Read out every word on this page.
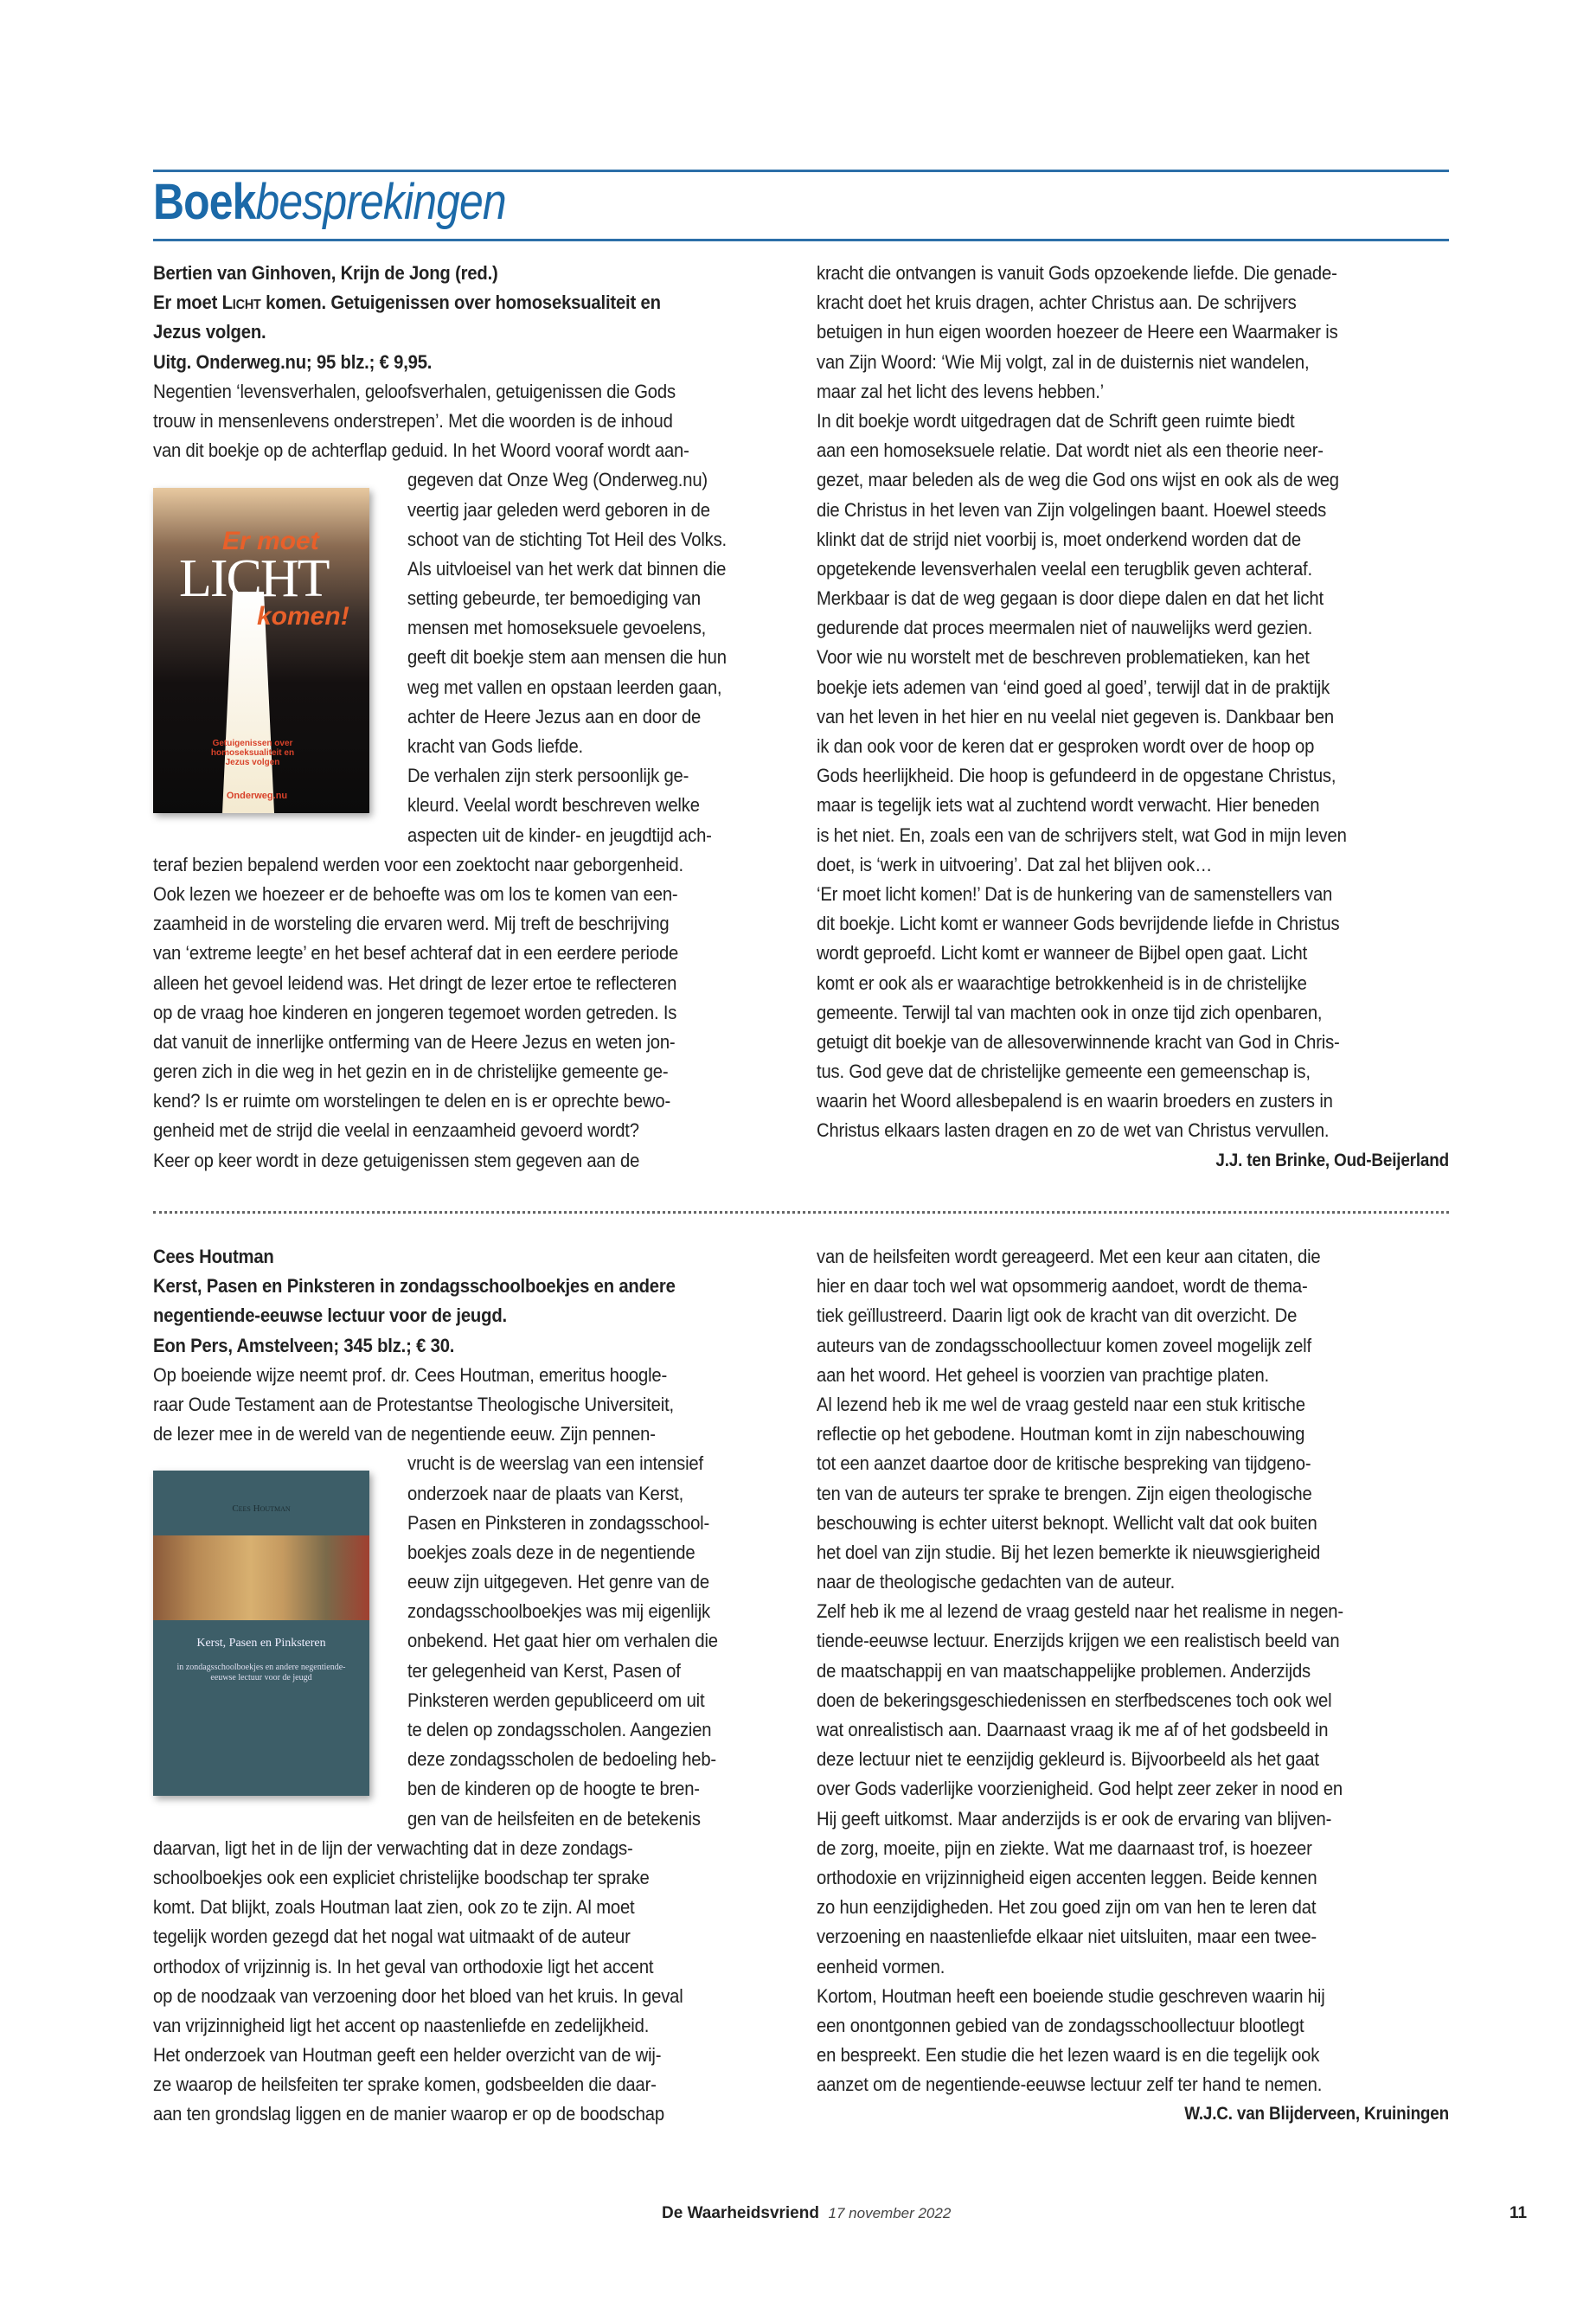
Boekbesprekingen
Bertien van Ginhoven, Krijn de Jong (red.)
Er moet Licht komen. Getuigenissen over homoseksualiteit en
Jezus volgen.
Uitg. Onderweg.nu; 95 blz.; € 9,95.
Negentien ‘levensverhalen, geloofsverhalen, getuigenissen die Gods
trouw in mensenlevens onderstrepen’. Met die woorden is de inhoud
van dit boekje op de achterflap geduid. In het Woord vooraf wordt aan-
gegeven dat Onze Weg (Onderweg.nu)
veertig jaar geleden werd geboren in de
schoot van de stichting Tot Heil des Volks.
Als uitvloeisel van het werk dat binnen die
setting gebeurde, ter bemoediging van
mensen met homoseksuele gevoelens,
geeft dit boekje stem aan mensen die hun
weg met vallen en opstaan leerden gaan,
achter de Heere Jezus aan en door de
kracht van Gods liefde.
De verhalen zijn sterk persoonlijk ge-
kleurd. Veelal wordt beschreven welke
aspecten uit de kinder- en jeugdtijd ach-
teraf bezien bepalend werden voor een zoektocht naar geborgenheid.
Ook lezen we hoezeer er de behoefte was om los te komen van een-
zaamheid in de worsteling die ervaren werd. Mij treft de beschrijving
van ‘extreme leegte’ en het besef achteraf dat in een eerdere periode
alleen het gevoel leidend was. Het dringt de lezer ertoe te reflecteren
op de vraag hoe kinderen en jongeren tegemoet worden getreden. Is
dat vanuit de innerlijke ontferming van de Heere Jezus en weten jon-
geren zich in die weg in het gezin en in de christelijke gemeente ge-
kend? Is er ruimte om worstelingen te delen en is er oprechte bewo-
genheid met de strijd die veelal in eenzaamheid gevoerd wordt?
Keer op keer wordt in deze getuigenissen stem gegeven aan de
Er moet
LICHT
komen!
Getuigenissen over homoseksualiteit en Jezus volgen
Onderweg.nu
kracht die ontvangen is vanuit Gods opzoekende liefde. Die genade-
kracht doet het kruis dragen, achter Christus aan. De schrijvers
betuigen in hun eigen woorden hoezeer de Heere een Waarmaker is
van Zijn Woord: ‘Wie Mij volgt, zal in de duisternis niet wandelen,
maar zal het licht des levens hebben.’
In dit boekje wordt uitgedragen dat de Schrift geen ruimte biedt
aan een homoseksuele relatie. Dat wordt niet als een theorie neer-
gezet, maar beleden als de weg die God ons wijst en ook als de weg
die Christus in het leven van Zijn volgelingen baant. Hoewel steeds
klinkt dat de strijd niet voorbij is, moet onderkend worden dat de
opgetekende levensverhalen veelal een terugblik geven achteraf.
Merkbaar is dat de weg gegaan is door diepe dalen en dat het licht
gedurende dat proces meermalen niet of nauwelijks werd gezien.
Voor wie nu worstelt met de beschreven problematieken, kan het
boekje iets ademen van ‘eind goed al goed’, terwijl dat in de praktijk
van het leven in het hier en nu veelal niet gegeven is. Dankbaar ben
ik dan ook voor de keren dat er gesproken wordt over de hoop op
Gods heerlijkheid. Die hoop is gefundeerd in de opgestane Christus,
maar is tegelijk iets wat al zuchtend wordt verwacht. Hier beneden
is het niet. En, zoals een van de schrijvers stelt, wat God in mijn leven
doet, is ‘werk in uitvoering’. Dat zal het blijven ook…
‘Er moet licht komen!’ Dat is de hunkering van de samenstellers van
dit boekje. Licht komt er wanneer Gods bevrijdende liefde in Christus
wordt geproefd. Licht komt er wanneer de Bijbel open gaat. Licht
komt er ook als er waarachtige betrokkenheid is in de christelijke
gemeente. Terwijl tal van machten ook in onze tijd zich openbaren,
getuigt dit boekje van de allesoverwinnende kracht van God in Chris-
tus. God geve dat de christelijke gemeente een gemeenschap is,
waarin het Woord allesbepalend is en waarin broeders en zusters in
Christus elkaars lasten dragen en zo de wet van Christus vervullen.
J.J. ten Brinke, Oud-Beijerland
Cees Houtman
Kerst, Pasen en Pinksteren in zondagsschoolboekjes en andere
negentiende-eeuwse lectuur voor de jeugd.
Eon Pers, Amstelveen; 345 blz.; € 30.
Op boeiende wijze neemt prof. dr. Cees Houtman, emeritus hoogle-
raar Oude Testament aan de Protestantse Theologische Universiteit,
de lezer mee in de wereld van de negentiende eeuw. Zijn pennen-
vrucht is de weerslag van een intensief
onderzoek naar de plaats van Kerst,
Pasen en Pinksteren in zondagsschool-
boekjes zoals deze in de negentiende
eeuw zijn uitgegeven. Het genre van de
zondagsschoolboekjes was mij eigenlijk
onbekend. Het gaat hier om verhalen die
ter gelegenheid van Kerst, Pasen of
Pinksteren werden gepubliceerd om uit
te delen op zondagsscholen. Aangezien
deze zondagsscholen de bedoeling heb-
ben de kinderen op de hoogte te bren-
gen van de heilsfeiten en de betekenis
daarvan, ligt het in de lijn der verwachting dat in deze zondags-
schoolboekjes ook een expliciet christelijke boodschap ter sprake
komt. Dat blijkt, zoals Houtman laat zien, ook zo te zijn. Al moet
tegelijk worden gezegd dat het nogal wat uitmaakt of de auteur
orthodox of vrijzinnig is. In het geval van orthodoxie ligt het accent
op de noodzaak van verzoening door het bloed van het kruis. In geval
van vrijzinnigheid ligt het accent op naastenliefde en zedelijkheid.
Het onderzoek van Houtman geeft een helder overzicht van de wij-
ze waarop de heilsfeiten ter sprake komen, godsbeelden die daar-
aan ten grondslag liggen en de manier waarop er op de boodschap
Cees Houtman
Kerst, Pasen en Pinksteren
in zondagsschoolboekjes en andere negentiende-eeuwse lectuur voor de jeugd
van de heilsfeiten wordt gereageerd. Met een keur aan citaten, die
hier en daar toch wel wat opsommerig aandoet, wordt de thema-
tiek geïllustreerd. Daarin ligt ook de kracht van dit overzicht. De
auteurs van de zondagsschoollectuur komen zoveel mogelijk zelf
aan het woord. Het geheel is voorzien van prachtige platen.
Al lezend heb ik me wel de vraag gesteld naar een stuk kritische
reflectie op het gebodene. Houtman komt in zijn nabeschouwing
tot een aanzet daartoe door de kritische bespreking van tijdgeno-
ten van de auteurs ter sprake te brengen. Zijn eigen theologische
beschouwing is echter uiterst beknopt. Wellicht valt dat ook buiten
het doel van zijn studie. Bij het lezen bemerkte ik nieuwsgierigheid
naar de theologische gedachten van de auteur.
Zelf heb ik me al lezend de vraag gesteld naar het realisme in negen-
tiende-eeuwse lectuur. Enerzijds krijgen we een realistisch beeld van
de maatschappij en van maatschappelijke problemen. Anderzijds
doen de bekeringsgeschiedenissen en sterfbedscenes toch ook wel
wat onrealistisch aan. Daarnaast vraag ik me af of het godsbeeld in
deze lectuur niet te eenzijdig gekleurd is. Bijvoorbeeld als het gaat
over Gods vaderlijke voorzienigheid. God helpt zeer zeker in nood en
Hij geeft uitkomst. Maar anderzijds is er ook de ervaring van blijven-
de zorg, moeite, pijn en ziekte. Wat me daarnaast trof, is hoezeer
orthodoxie en vrijzinnigheid eigen accenten leggen. Beide kennen
zo hun eenzijdigheden. Het zou goed zijn om van hen te leren dat
verzoening en naastenliefde elkaar niet uitsluiten, maar een twee-
eenheid vormen.
Kortom, Houtman heeft een boeiende studie geschreven waarin hij
een onontgonnen gebied van de zondagsschoollectuur blootlegt
en bespreekt. Een studie die het lezen waard is en die tegelijk ook
aanzet om de negentiende-eeuwse lectuur zelf ter hand te nemen.
W.J.C. van Blijderveen, Kruiningen
De Waarheidsvriend 17 november 2022	11
